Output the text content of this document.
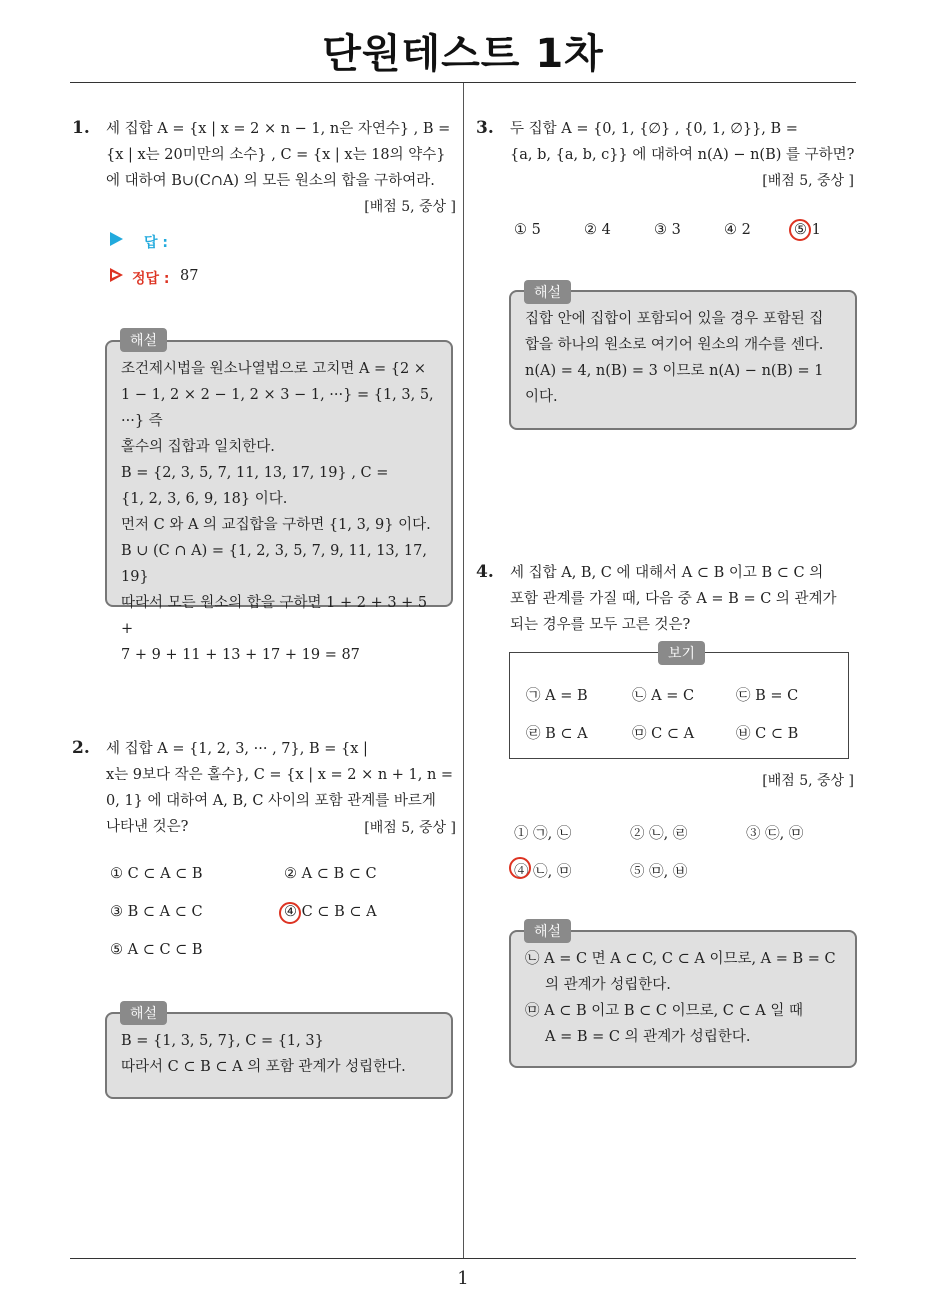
단원테스트 1차
1
1. 세 집합 A = {x | x = 2 × n − 1, n은 자연수} , B =

{x | x는 20미만의 소수} , C = {x | x는 18의 약수}

에 대하여 B∪(C∩A) 의 모든 원소의 합을 구하여라.

[배점 5, 중상 ]
답 :
정답 : 87

조건제시법을 원소나열법으로 고치면 A = {2 ×

1 − 1, 2 × 2 − 1, 2 × 3 − 1, ···} = {1, 3, 5, ···} 즉

홀수의 집합과 일치한다.

B = {2, 3, 5, 7, 11, 13, 17, 19} , C =

{1, 2, 3, 6, 9, 18} 이다.

먼저 C 와 A 의 교집합을 구하면 {1, 3, 9} 이다.

B ∪ (C ∩ A) = {1, 2, 3, 5, 7, 9, 11, 13, 17, 19}

따라서 모든 원소의 합을 구하면 1 + 2 + 3 + 5 +

7 + 9 + 11 + 13 + 17 + 19 = 87

해설
2. 세 집합 A = {1, 2, 3, ··· , 7}, B = {x |

x는 9보다 작은 홀수}, C = {x | x = 2 × n + 1, n =

0, 1} 에 대하여 A, B, C 사이의 포함 관계를 바르게

나타낸 것은?	[배점 5, 중상 ]
① C ⊂ A ⊂ B	② A ⊂ B ⊂ C
③ B ⊂ A ⊂ C	④ C ⊂ B ⊂ A
⑤ A ⊂ C ⊂ B

B = {1, 3, 5, 7}, C = {1, 3}

따라서 C ⊂ B ⊂ A 의 포함 관계가 성립한다.

해설
3. 두 집합 A = {0, 1, {∅} , {0, 1, ∅}}, B =

{a, b, {a, b, c}} 에 대하여 n(A) − n(B) 를 구하면?

[배점 5, 중상 ]
① 5	② 4	③ 3	④ 2	⑤ 1

집합 안에 집합이 포함되어 있을 경우 포함된 집

합을 하나의 원소로 여기어 원소의 개수를 센다.

n(A) = 4, n(B) = 3 이므로 n(A) − n(B) = 1

이다.

해설
4. 세 집합 A, B, C 에 대해서 A ⊂ B 이고 B ⊂ C 의

포함 관계를 가질 때, 다음 중 A = B = C 의 관계가

되는 경우를 모두 고른 것은?

보기
㉠ A = B	㉡ A = C	㉢ B = C
㉣ B ⊂ A	㉤ C ⊂ A	㉥ C ⊂ B
[배점 5, 중상 ]
① ㉠, ㉡	② ㉡, ㉣	③ ㉢, ㉤
④ ㉡, ㉤	⑤ ㉤, ㉥

㉡ A = C 면 A ⊂ C, C ⊂ A 이므로, A = B = C

의 관계가 성립한다.

㉤ A ⊂ B 이고 B ⊂ C 이므로, C ⊂ A 일 때

A = B = C 의 관계가 성립한다.

해설
